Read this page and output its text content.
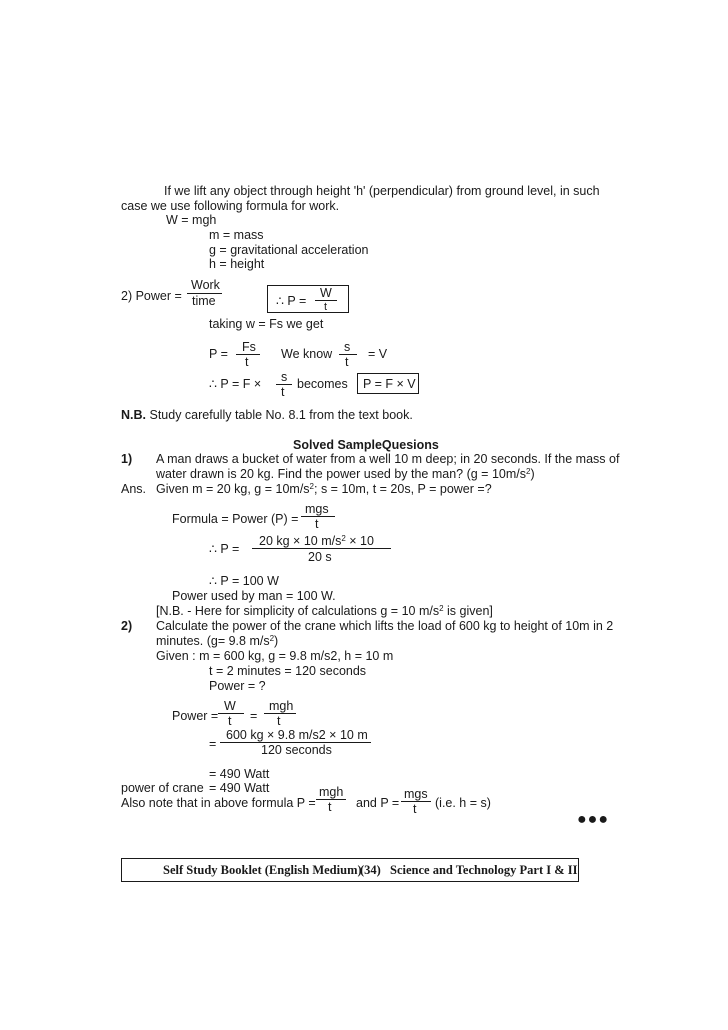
If we lift any object through height 'h' (perpendicular) from ground level, in such
case we use following formula for work.
W = mgh
m = mass
g = gravitational acceleration
h = height
2) Power =
Work
time	∴ P =
W
t
taking w = Fs we get
P = Fs
t
We know s
t
= V
∴ P = F × s
t
becomes P = F × V
N.B. Study carefully table No. 8.1 from the text book.
Solved SampleQuesions
1) A man draws a bucket of water from a well 10 m deep; in 20 seconds. If the mass of
water drawn is 20 kg. Find the power used by the man? $(g = 10m/s^2)$
Ans. Given m = 20 kg, $g = 10m/s^2$; s = 10m, t = 20s, P = power =?
Formula = Power (P) =
mgs
t
∴ P =
20 kg × 10 $m/s^2 \times 10$
20 s
∴ P = 100 W
Power used by man = 100 W.
[N.B. - Here for simplicity of calculations g = 10 $m/s^2$ is given]
2) Calculate the power of the crane which lifts the load of 600 kg to height of 10m in 2
minutes. (g= 9.8 $m/s^2$)
Given : m = 600 kg, g = 9.8 m/s2, h = 10 m
t = 2 minutes = 120 seconds
Power = ?
Power =
W
t =
mgh
t
=
600 kg × 9.8 m/s2 × 10 m
120 seconds
= 490 Watt
power of crane = 490 Watt
Also note that in above formula P =
mgh
t and P =
mgs
t (i.e. h = s)
●●●
Self Study Booklet (English Medium)
(34) Science and Technology Part I & II
